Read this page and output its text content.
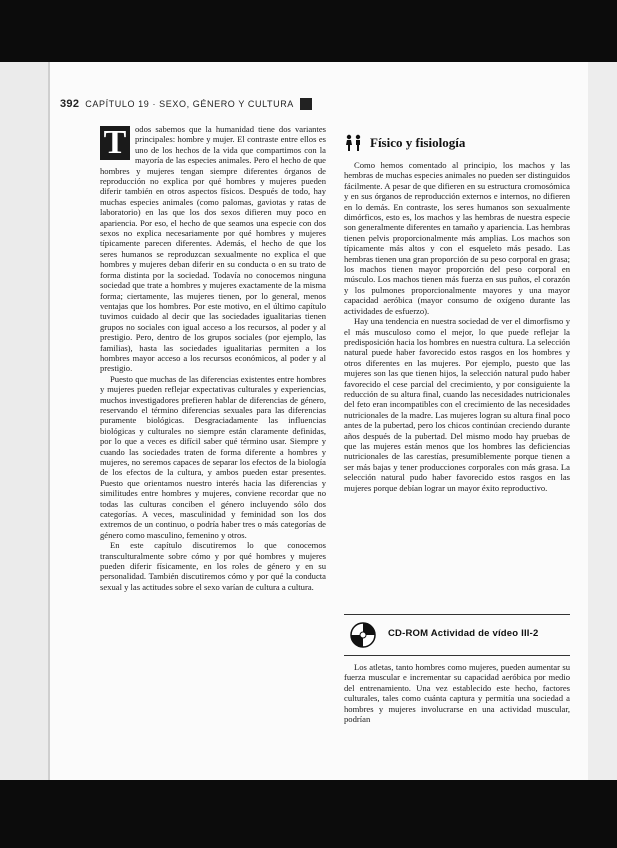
392 CAPÍTULO 19 · SEXO, GÉNERO Y CULTURA

T	odos sabemos que la humanidad tiene dos variantes principales: hombre y mujer. El contraste entre ellos es uno de los hechos de la vida que compartimos con la mayoría de las especies animales. Pero el hecho de que hombres y mujeres tengan siempre diferentes órganos de reproducción no explica por qué hombres y mujeres pueden diferir también en otros aspectos físicos. Después de todo, hay muchas especies animales (como palomas, gaviotas y ratas de laboratorio) en las que los dos sexos difieren muy poco en apariencia. Por eso, el hecho de que seamos una especie con dos sexos no explica necesariamente por qué hombres y mujeres típicamente parecen diferentes. Además, el hecho de que los seres humanos se reproduzcan sexualmente no explica el que hombres y mujeres deban diferir en su conducta o en su trato de forma distinta por la sociedad. Todavía no conocemos ninguna sociedad que trate a hombres y mujeres exactamente de la misma forma; ciertamente, las mujeres tienen, por lo general, menos ventajas que los hombres. Por este motivo, en el último capítulo tuvimos cuidado al decir que las sociedades igualitarias tienen grupos no sociales con igual acceso a los recursos, al poder y al prestigio. Pero, dentro de los grupos sociales (por ejemplo, las familias), hasta las sociedades igualitarias permiten a los hombres mayor acceso a los recursos económicos, al poder y al prestigio.

Puesto que muchas de las diferencias existentes entre hombres y mujeres pueden reflejar expectativas culturales y experiencias, muchos investigadores prefieren hablar de diferencias de género, reservando el término diferencias sexuales para las diferencias puramente biológicas. Desgraciadamente las influencias biológicas y culturales no siempre están claramente definidas, por lo que a veces es difícil saber qué término usar. Siempre y cuando las sociedades traten de forma diferente a hombres y mujeres, no seremos capaces de separar los efectos de la biología de los efectos de la cultura, y ambos pueden estar presentes. Puesto que orientamos nuestro interés hacia las diferencias y similitudes entre hombres y mujeres, conviene recordar que no todas las culturas conciben el género incluyendo sólo dos categorías. A veces, masculinidad y feminidad son los dos extremos de un continuo, o podría haber tres o más categorías de género como masculino, femenino y otros.

En este capítulo discutiremos lo que conocemos transculturalmente sobre cómo y por qué hombres y mujeres pueden diferir físicamente, en los roles de género y en su personalidad. También discutiremos cómo y por qué la conducta sexual y las actitudes sobre el sexo varían de cultura a cultura.

Físico y fisiología

Como hemos comentado al principio, los machos y las hembras de muchas especies animales no pueden ser distinguidos fácilmente. A pesar de que difieren en su estructura cromosómica y en sus órganos de reproducción externos e internos, no difieren en lo demás. En contraste, los seres humanos son sexualmente dimórficos, esto es, los machos y las hembras de nuestra especie son generalmente diferentes en tamaño y apariencia. Las hembras tienen pelvis proporcionalmente más amplias. Los machos son típicamente más altos y con el esqueleto más pesado. Las hembras tienen una gran proporción de su peso corporal en grasa; los machos tienen mayor proporción del peso corporal en músculo. Los machos tienen más fuerza en sus puños, el corazón y los pulmones proporcionalmente mayores y una mayor capacidad aeróbica (mayor consumo de oxígeno durante las actividades de esfuerzo).

Hay una tendencia en nuestra sociedad de ver el dimorfismo y el más musculoso como el mejor, lo que puede reflejar la predisposición hacia los hombres en nuestra cultura. La selección natural puede haber favorecido estos rasgos en los hombres y otros diferentes en las mujeres. Por ejemplo, puesto que las mujeres son las que tienen hijos, la selección natural pudo haber favorecido el cese parcial del crecimiento, y por consiguiente la reducción de su altura final, cuando las necesidades nutricionales del feto eran incompatibles con el crecimiento de las necesidades nutricionales de la madre. Las mujeres logran su altura final poco antes de la pubertad, pero los chicos continúan creciendo durante años después de la pubertad. Del mismo modo hay pruebas de que las mujeres están menos que los hombres las deficiencias nutricionales de las carestías, presumiblemente porque tienen a ser más bajas y tener producciones corporales con más grasa. La selección natural pudo haber favorecido estos rasgos en las mujeres porque debían lograr un mayor éxito reproductivo.

CD-ROM Actividad de vídeo III-2

Los atletas, tanto hombres como mujeres, pueden aumentar su fuerza muscular e incrementar su capacidad aeróbica por medio del entrenamiento. Una vez establecido este hecho, factores culturales, tales como cuánta captura y permitía una sociedad a hombres y mujeres involucrarse en una actividad muscular, podrían
